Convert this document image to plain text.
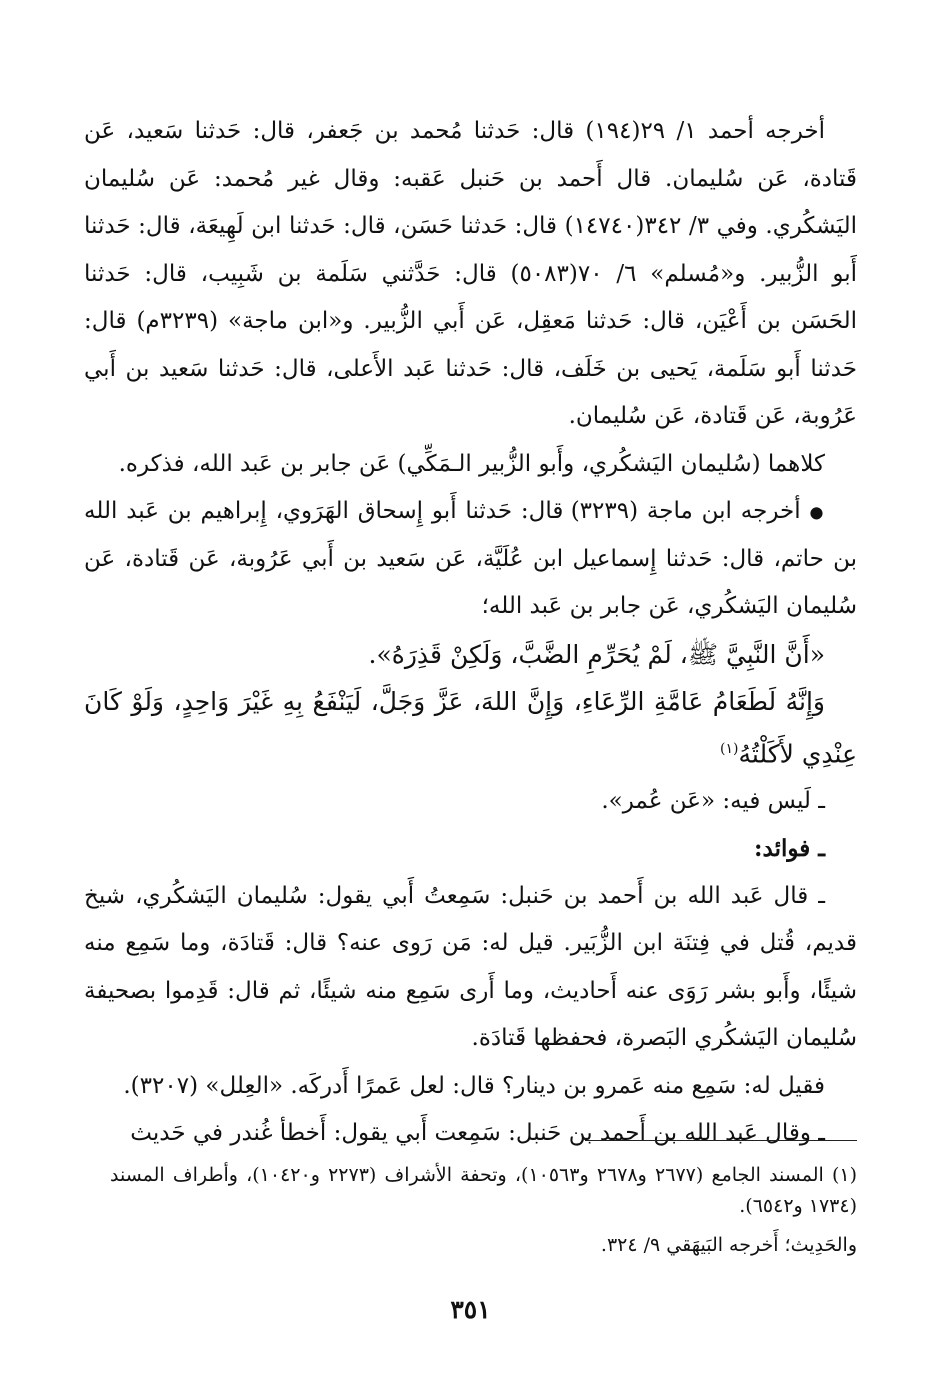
أخرجه أحمد ١/ ٢٩(١٩٤) قال: حَدثنا مُحمد بن جَعفر، قال: حَدثنا سَعيد، عَن قَتادة، عَن سُليمان. قال أَحمد بن حَنبل عَقبه: وقال غير مُحمد: عَن سُليمان اليَشكُري. وفي ٣/ ٣٤٢(١٤٧٤٠) قال: حَدثنا حَسَن، قال: حَدثنا ابن لَهِيعَة، قال: حَدثنا أَبو الزُّبير. و«مُسلم» ٦/ ٧٠(٥٠٨٣) قال: حَدَّثني سَلَمة بن شَبِيب، قال: حَدثنا الحَسَن بن أَعْيَن، قال: حَدثنا مَعقِل، عَن أَبي الزُّبير. و«ابن ماجة» (٣٢٣٩م) قال: حَدثنا أَبو سَلَمة، يَحيى بن خَلَف، قال: حَدثنا عَبد الأَعلى، قال: حَدثنا سَعيد بن أَبي عَرُوبة، عَن قَتادة، عَن سُليمان.

كلاهما (سُليمان اليَشكُري، وأَبو الزُّبير الـمَكِّي) عَن جابر بن عَبد الله، فذكره.

● أخرجه ابن ماجة (٣٢٣٩) قال: حَدثنا أَبو إِسحاق الهَرَوي، إِبراهيم بن عَبد الله بن حاتم، قال: حَدثنا إِسماعيل ابن عُلَيَّة، عَن سَعيد بن أَبي عَرُوبة، عَن قَتادة، عَن سُليمان اليَشكُري، عَن جابر بن عَبد الله؛

«أَنَّ النَّبِيَّ ﷺ، لَمْ يُحَرِّمِ الضَّبَّ، وَلَكِنْ قَذِرَهُ».

وَإِنَّهُ لَطَعَامُ عَامَّةِ الرِّعَاءِ، وَإِنَّ اللهَ، عَزَّ وَجَلَّ، لَيَنْفَعُ بِهِ غَيْرَ وَاحِدٍ، وَلَوْ كَانَ عِنْدِي لأَكَلْتُهُ$^{(١)}$

ـ لَيس فيه: «عَن عُمر».

ـ فوائد:

ـ قال عَبد الله بن أَحمد بن حَنبل: سَمِعتُ أَبي يقول: سُليمان اليَشكُري، شيخ قديم، قُتل في فِتنَة ابن الزُّبَير. قيل له: مَن رَوى عنه؟ قال: قَتادَة، وما سَمِع منه شيئًا، وأَبو بشر رَوَى عنه أَحاديث، وما أَرى سَمِع منه شيئًا، ثم قال: قَدِموا بصحيفة سُليمان اليَشكُري البَصرة، فحفظها قَتادَة.

فقيل له: سَمِع منه عَمرو بن دينار؟ قال: لعل عَمرًا أَدركَه. «العِلل» (٣٢٠٧).

ـ وقال عَبد الله بن أَحمد بن حَنبل: سَمِعت أَبي يقول: أَخطأ غُندر في حَديث

(١) المسند الجامع (٢٦٧٧ و٢٦٧٨ و١٠٥٦٣)، وتحفة الأشراف (٢٢٧٣ و١٠٤٢٠)، وأطراف المسند (١٧٣٤ و٦٥٤٢).

والحَدِيث؛ أَخرجه البَيهَقي ٩/ ٣٢٤.

٣٥١
